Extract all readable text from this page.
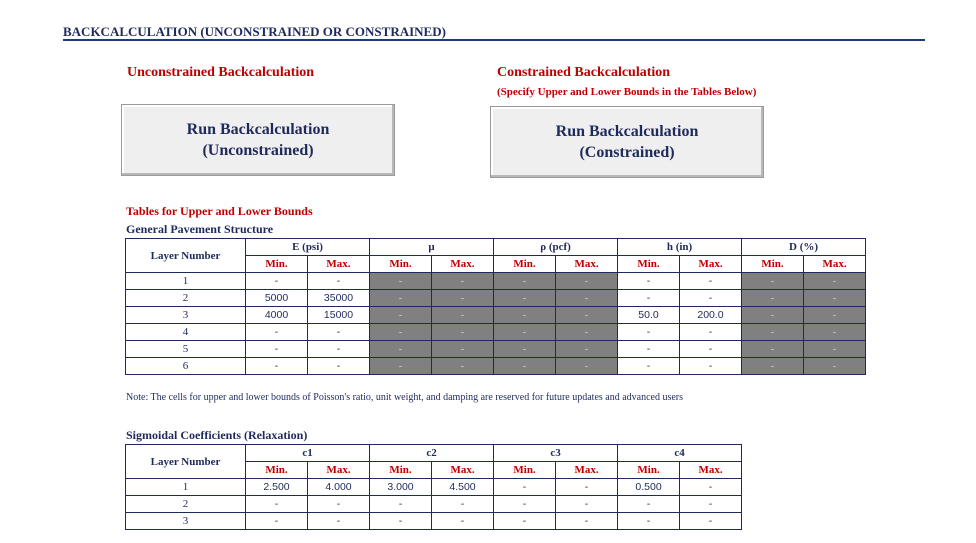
BACKCALCULATION (UNCONSTRAINED OR CONSTRAINED)
Unconstrained Backcalculation	Constrained Backcalculation
(Specify Upper and Lower Bounds in the Tables Below)
Run Backcalculation
(Unconstrained)
Run Backcalculation
(Constrained)
Tables for Upper and Lower Bounds
General Pavement Structure
Layer Number	E (psi)		μ		ρ (pcf)		h (in)		D (%)	
	Min.	Max.	Min.	Max.	Min.	Max.	Min.	Max.	Min.	Max.
1	-	-	-	-	-	-	-	-	-	-
2	5000	35000	-	-	-	-	-	-	-	-
3	4000	15000	-	-	-	-	50.0	200.0	-	-
4	-	-	-	-	-	-	-	-	-	-
5	-	-	-	-	-	-	-	-	-	-
6	-	-	-	-	-	-	-	-	-	-
Note: The cells for upper and lower bounds of Poisson's ratio, unit weight, and damping are reserved for future updates and advanced users
Sigmoidal Coefficients (Relaxation)
Layer Number	c1		c2		c3		c4	
	Min.	Max.	Min.	Max.	Min.	Max.	Min.	Max.
1	2.500	4.000	3.000	4.500	-	-	0.500	-
2	-	-	-	-	-	-	-	-
3	-	-	-	-	-	-	-	-
